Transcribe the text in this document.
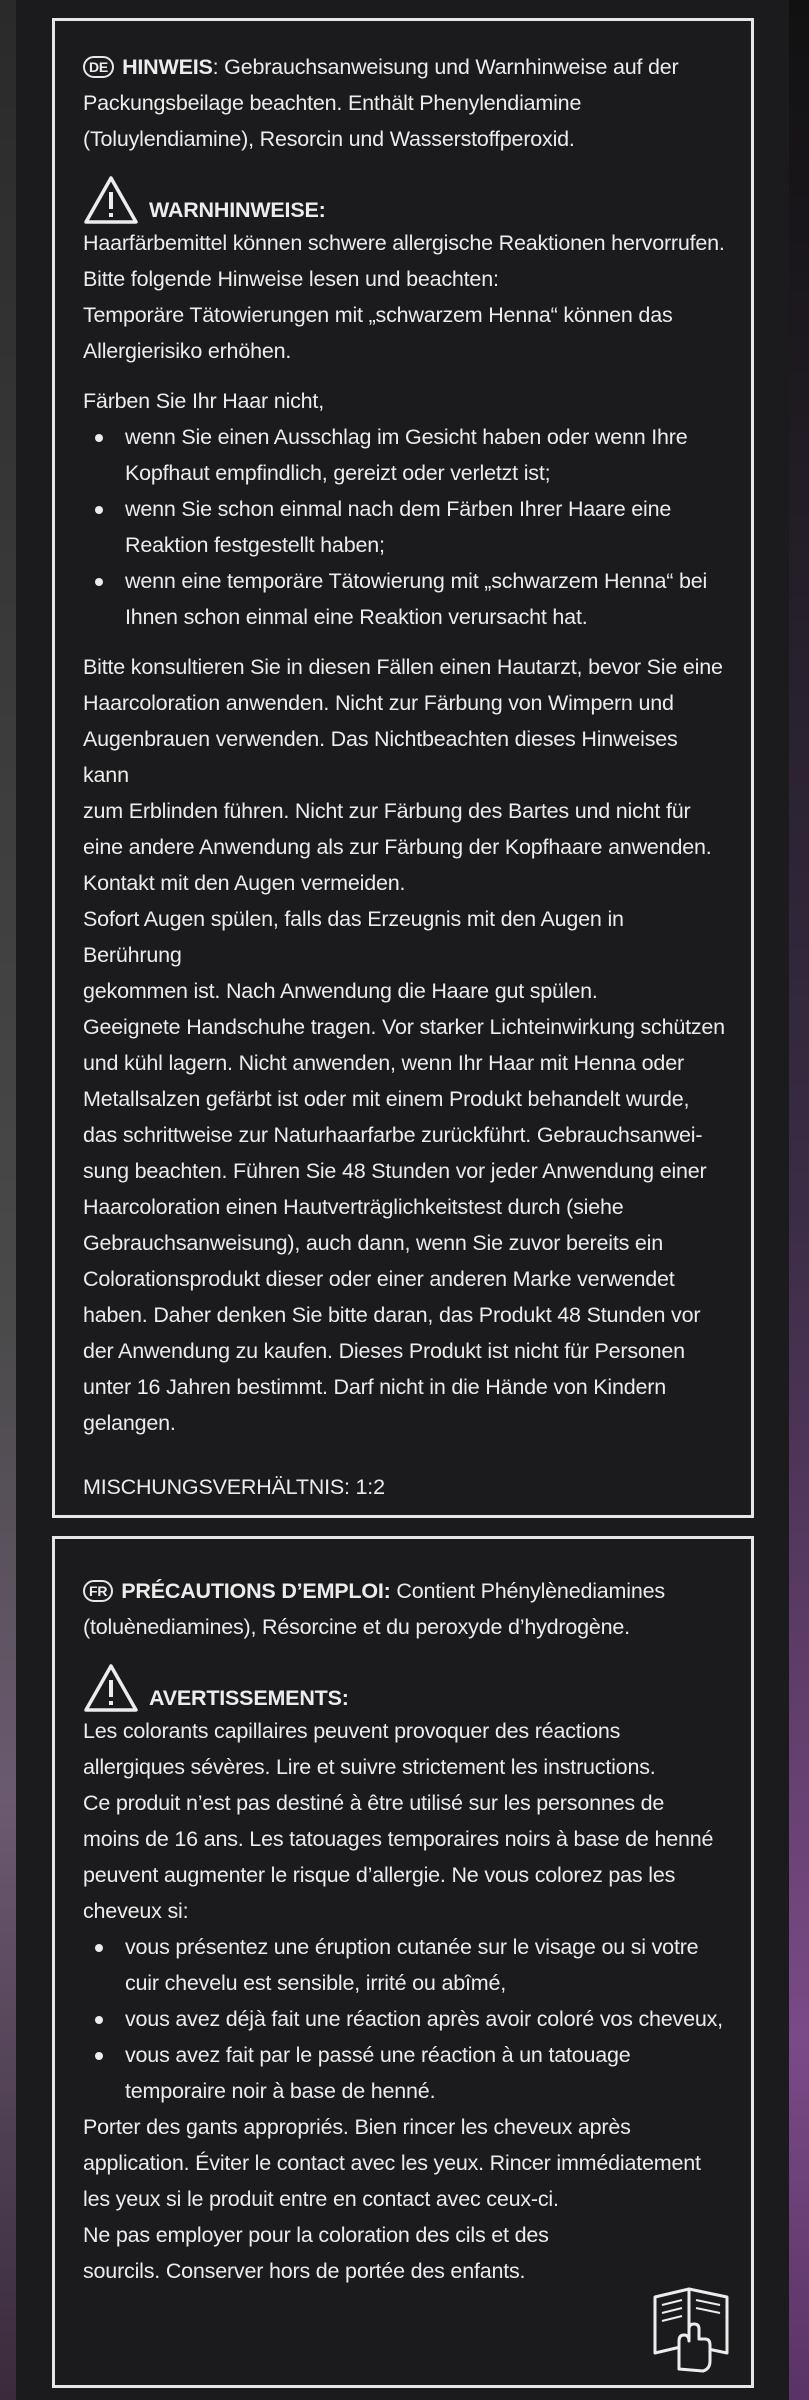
DE HINWEIS: Gebrauchsanweisung und Warnhinweise auf der
Packungsbeilage beachten. Enthält Phenylendiamine
(Toluylendiamine), Resorcin und Wasserstoffperoxid.

WARNHINWEISE:

Haarfärbemittel können schwere allergische Reaktionen hervorrufen.
Bitte folgende Hinweise lesen und beachten:
Temporäre Tätowierungen mit „schwarzem Henna“ können das
Allergierisiko erhöhen.

Färben Sie Ihr Haar nicht,

wenn Sie einen Ausschlag im Gesicht haben oder wenn Ihre
Kopfhaut empfindlich, gereizt oder verletzt ist;
wenn Sie schon einmal nach dem Färben Ihrer Haare eine
Reaktion festgestellt haben;
wenn eine temporäre Tätowierung mit „schwarzem Henna“ bei
Ihnen schon einmal eine Reaktion verursacht hat.

Bitte konsultieren Sie in diesen Fällen einen Hautarzt, bevor Sie eine
Haarcoloration anwenden. Nicht zur Färbung von Wimpern und
Augenbrauen verwenden. Das Nichtbeachten dieses Hinweises kann
zum Erblinden führen. Nicht zur Färbung des Bartes und nicht für
eine andere Anwendung als zur Färbung der Kopfhaare anwenden.
Kontakt mit den Augen vermeiden.
Sofort Augen spülen, falls das Erzeugnis mit den Augen in Berührung
gekommen ist. Nach Anwendung die Haare gut spülen.
Geeignete Handschuhe tragen. Vor starker Lichteinwirkung schützen
und kühl lagern. Nicht anwenden, wenn Ihr Haar mit Henna oder
Metallsalzen gefärbt ist oder mit einem Produkt behandelt wurde,
das schrittweise zur Naturhaarfarbe zurückführt. Gebrauchsanwei-
sung beachten. Führen Sie 48 Stunden vor jeder Anwendung einer
Haarcoloration einen Hautverträglichkeitstest durch (siehe
Gebrauchsanweisung), auch dann, wenn Sie zuvor bereits ein
Colorationsprodukt dieser oder einer anderen Marke verwendet
haben. Daher denken Sie bitte daran, das Produkt 48 Stunden vor
der Anwendung zu kaufen. Dieses Produkt ist nicht für Personen
unter 16 Jahren bestimmt. Darf nicht in die Hände von Kindern
gelangen.

MISCHUNGSVERHÄLTNIS: 1:2

FR PRÉCAUTIONS D’EMPLOI: Contient Phénylènediamines
(toluènediamines), Résorcine et du peroxyde d’hydrogène.

AVERTISSEMENTS:

Les colorants capillaires peuvent provoquer des réactions
allergiques sévères. Lire et suivre strictement les instructions.
Ce produit n’est pas destiné à être utilisé sur les personnes de
moins de 16 ans. Les tatouages temporaires noirs à base de henné
peuvent augmenter le risque d’allergie. Ne vous colorez pas les
cheveux si:

vous présentez une éruption cutanée sur le visage ou si votre
cuir chevelu est sensible, irrité ou abîmé,
vous avez déjà fait une réaction après avoir coloré vos cheveux,
vous avez fait par le passé une réaction à un tatouage
temporaire noir à base de henné.

Porter des gants appropriés. Bien rincer les cheveux après
application. Éviter le contact avec les yeux. Rincer immédiatement
les yeux si le produit entre en contact avec ceux-ci.
Ne pas employer pour la coloration des cils et des
sourcils. Conserver hors de portée des enfants.
